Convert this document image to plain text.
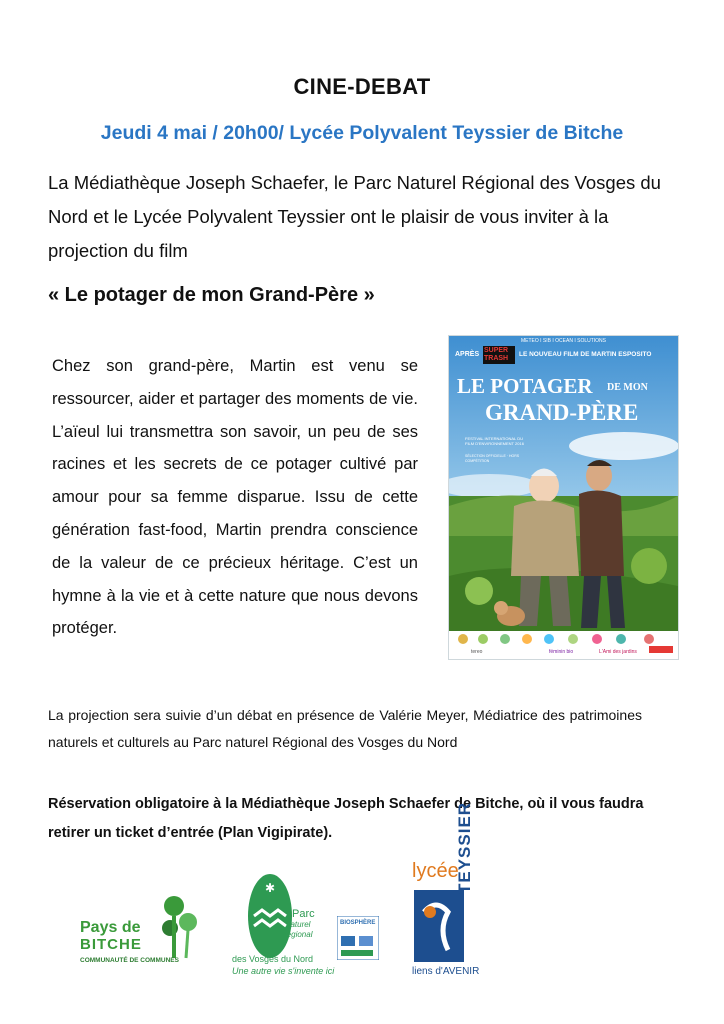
CINE-DEBAT
Jeudi 4 mai / 20h00/ Lycée Polyvalent Teyssier de Bitche
La Médiathèque Joseph Schaefer, le Parc Naturel Régional des Vosges du Nord et le Lycée Polyvalent Teyssier ont le plaisir de vous inviter à la projection du film
« Le potager de mon Grand-Père »
Chez son grand-père, Martin est venu se ressourcer, aider et partager des moments de vie. L’aïeul lui transmettra son savoir, un peu de ses racines et les secrets de ce potager cultivé par amour pour sa femme disparue. Issu de cette génération fast-food, Martin prendra conscience de la valeur de ce précieux héritage. C’est un hymne à la vie et à cette nature que nous devons protéger.
METEO I SIB I OCEAN I SOLUTIONS
APRÈS
SUPER TRASH
LE NOUVEAU FILM DE MARTIN ESPOSITO
LE POTAGER DE MON
GRAND-PÈRE
FESTIVAL INTERNATIONAL DU FILM D'ENVIRONNEMENT 2016
SÉLECTION OFFICIELLE · HORS COMPÉTITION
tereo	féminin bio	L'Ami des jardins
La projection sera suivie d’un débat en présence de Valérie Meyer, Médiatrice des patrimoines naturels et culturels au Parc naturel Régional des Vosges du Nord
Réservation obligatoire à la Médiathèque Joseph Schaefer de Bitche, où il vous faudra retirer un ticket d’entrée (Plan Vigipirate).
Pays de
BITCHE
COMMUNAUTÉ DE COMMUNES
✱
Parc
naturel
régional
des Vosges du Nord
Une autre vie s'invente ici
BIOSPHÈRE
lycée
TEYSSIER
liens d'AVENIR
